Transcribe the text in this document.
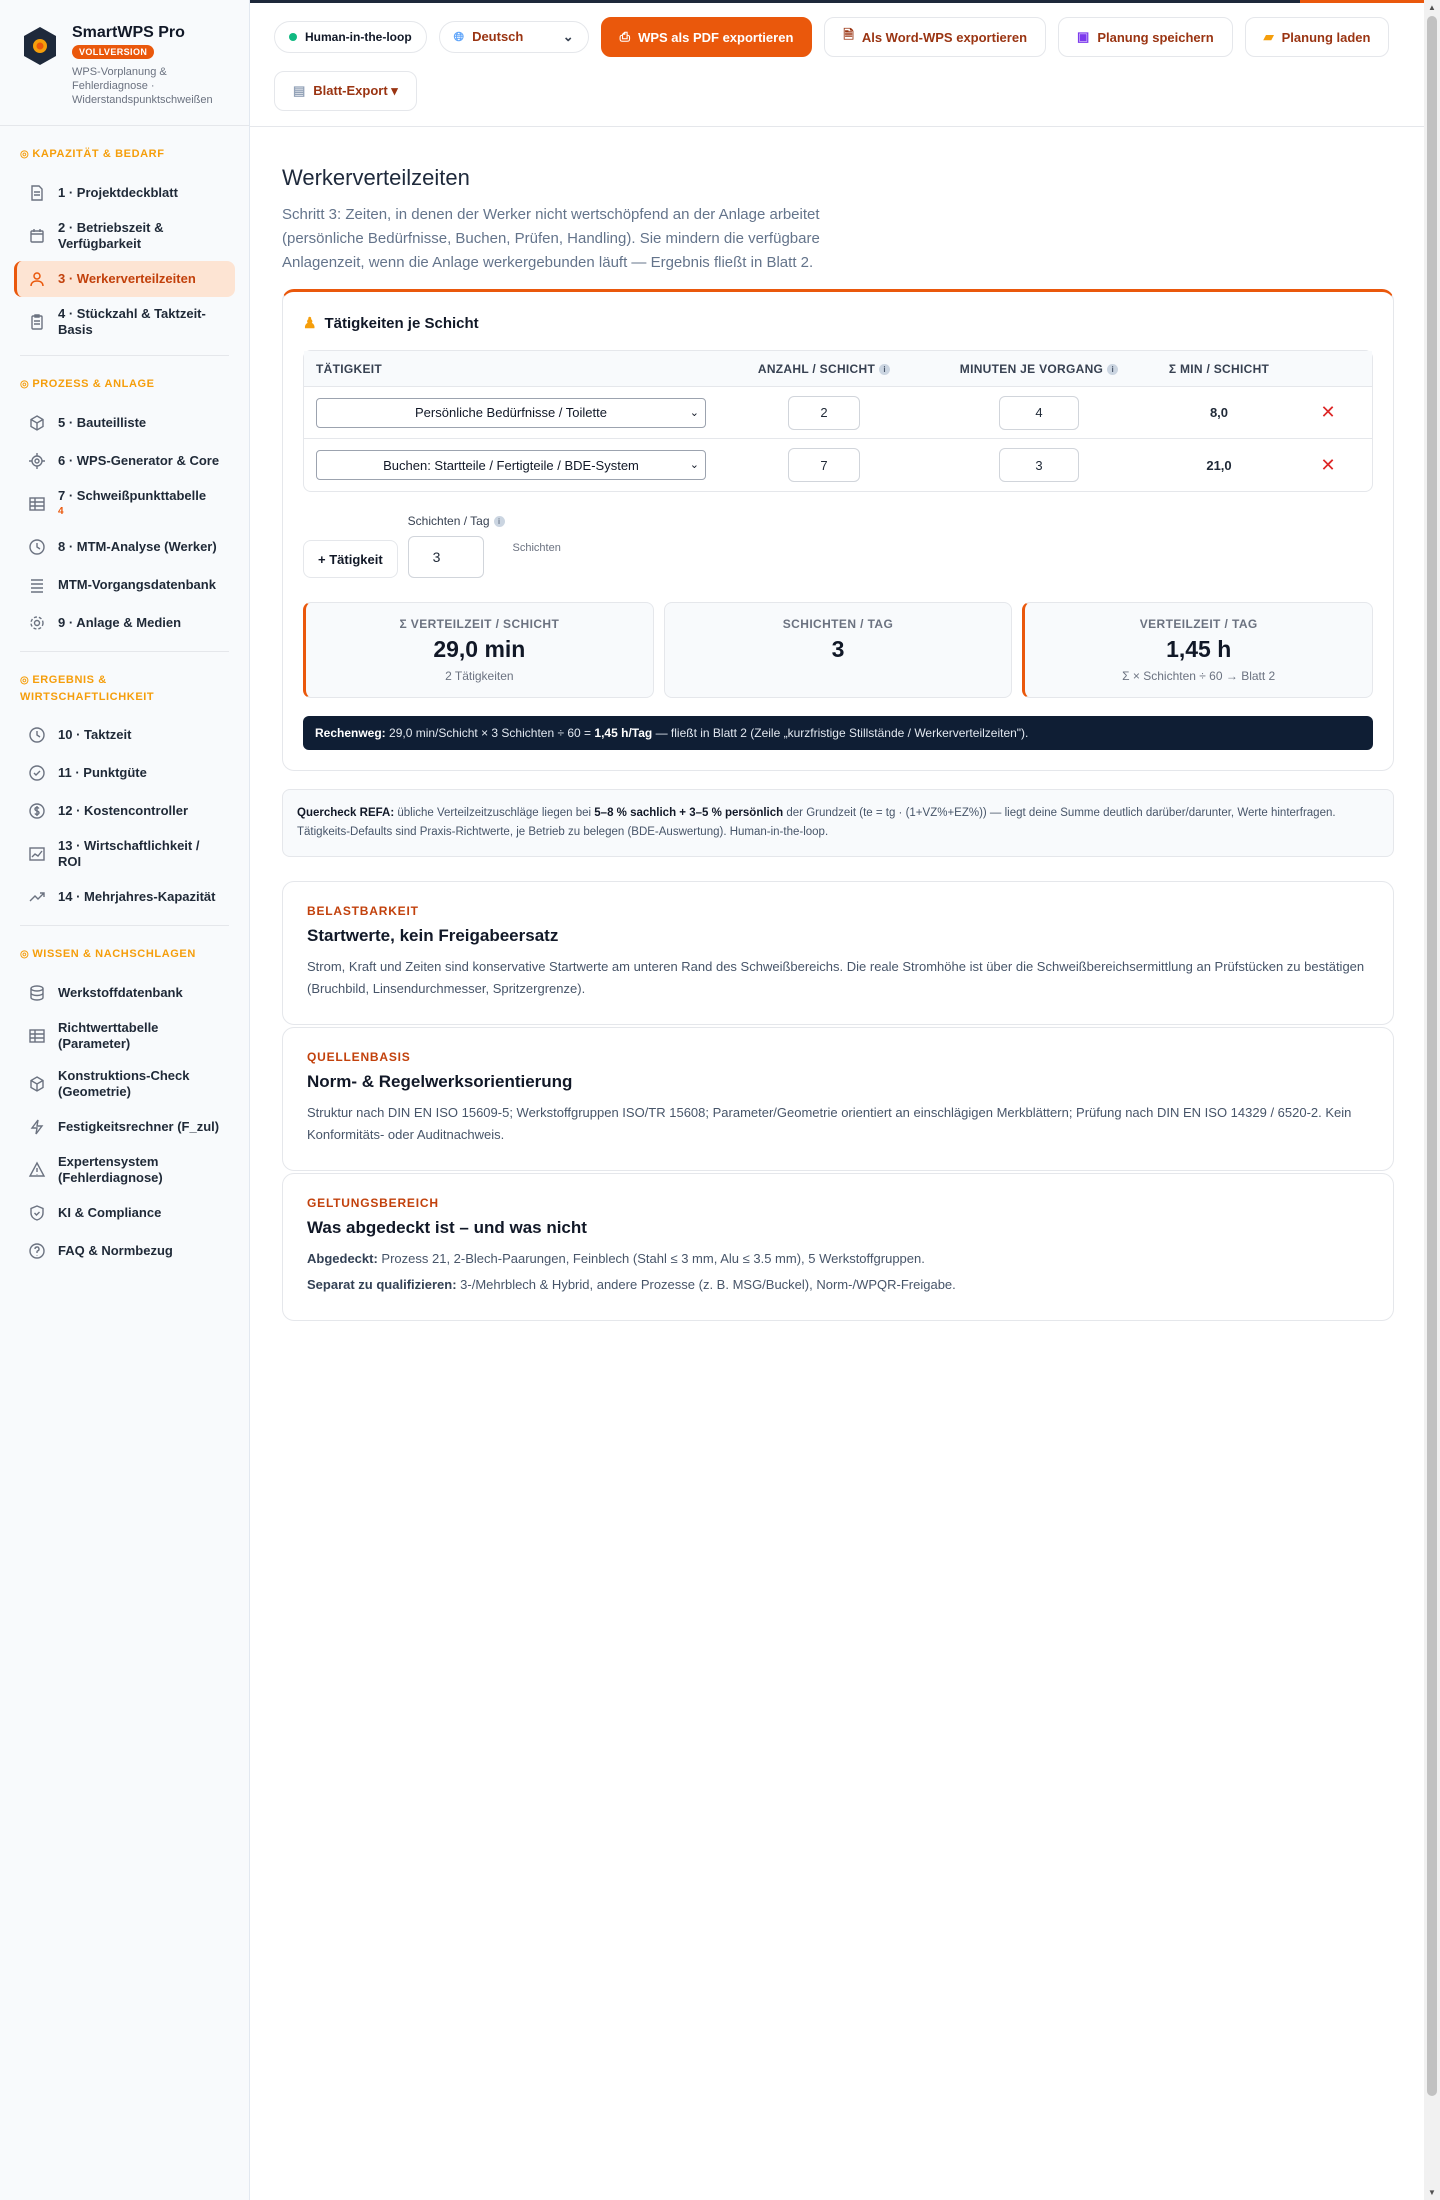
SmartWPS Pro
VOLLVERSION
WPS-Vorplanung & Fehlerdiagnose · Widerstandspunktschweißen
◎ KAPAZITÄT & BEDARF
1 · Projektdeckblatt
2 · Betriebszeit & Verfügbarkeit
3 · Werkerverteilzeiten
4 · Stückzahl & Taktzeit-Basis
◎ PROZESS & ANLAGE
5 · Bauteilliste
6 · WPS-Generator & Core
7 · Schweißpunkttabelle
4
8 · MTM-Analyse (Werker)
MTM-Vorgangsdatenbank
9 · Anlage & Medien
◎ ERGEBNIS & WIRTSCHAFTLICHKEIT
10 · Taktzeit
11 · Punktgüte
12 · Kostencontroller
13 · Wirtschaftlichkeit / ROI
14 · Mehrjahres-Kapazität
◎ WISSEN & NACHSCHLAGEN
Werkstoffdatenbank
Richtwerttabelle (Parameter)
Konstruktions-Check (Geometrie)
Festigkeitsrechner (F_zul)
Expertensystem (Fehlerdiagnose)
KI & Compliance
FAQ & Normbezug
Human-in-the-loop	🌐︎ Deutsch	⌄	⎙ WPS als PDF exportieren	🗎︎ Als Word-WPS exportieren	▣ Planung speichern	▰ Planung laden
▤ Blatt-Export ▾
Werkerverteilzeiten

Schritt 3: Zeiten, in denen der Werker nicht wertschöpfend an der Anlage arbeitet (persönliche Bedürfnisse, Buchen, Prüfen, Handling). Sie mindern die verfügbare Anlagenzeit, wenn die Anlage werkergebunden läuft — Ergebnis fließt in Blatt 2.

♟ Tätigkeiten je Schicht
TÄTIGKEIT	ANZAHL / SCHICHT i	MINUTEN JE VORGANG i	Σ MIN / SCHICHT
Persönliche Bedürfnisse / Toilette	⌄	2	4	8,0	✕
Buchen: Startteile / Fertigteile / BDE-System	⌄	7	3	21,0	✕
+ Tätigkeit
Schichten / Tag i
3
Schichten
Σ VERTEILZEIT / SCHICHT
29,0 min
2 Tätigkeiten
SCHICHTEN / TAG
3
VERTEILZEIT / TAG
1,45 h
Σ × Schichten ÷ 60 → Blatt 2
Rechenweg:
29,0 min/Schicht × 3 Schichten ÷ 60 =
1,45 h/Tag
— fließt in Blatt 2 (Zeile „kurzfristige Stillstände / Werkerverteilzeiten").
Quercheck REFA: übliche Verteilzeitzuschläge liegen bei 5–8 % sachlich + 3–5 % persönlich der Grundzeit (te = tg · (1+VZ%+EZ%)) — liegt deine Summe deutlich darüber/darunter, Werte hinterfragen. Tätigkeits-Defaults sind Praxis-Richtwerte, je Betrieb zu belegen (BDE-Auswertung). Human-in-the-loop.
BELASTBARKEIT
Startwerte, kein Freigabeersatz
Strom, Kraft und Zeiten sind konservative Startwerte am unteren Rand des Schweißbereichs. Die reale Stromhöhe ist über die Schweißbereichsermittlung an Prüfstücken zu bestätigen (Bruchbild, Linsendurchmesser, Spritzergrenze).
QUELLENBASIS
Norm- & Regelwerksorientierung
Struktur nach DIN EN ISO 15609-5; Werkstoffgruppen ISO/TR 15608; Parameter/Geometrie orientiert an einschlägigen Merkblättern; Prüfung nach DIN EN ISO 14329 / 6520-2. Kein Konformitäts- oder Auditnachweis.
GELTUNGSBEREICH
Was abgedeckt ist – und was nicht
Abgedeckt: Prozess 21, 2-Blech-Paarungen, Feinblech (Stahl ≤ 3 mm, Alu ≤ 3.5 mm), 5 Werkstoffgruppen.
Separat zu qualifizieren: 3-/Mehrblech & Hybrid, andere Prozesse (z. B. MSG/Buckel), Norm-/WPQR-Freigabe.
▲
▼
